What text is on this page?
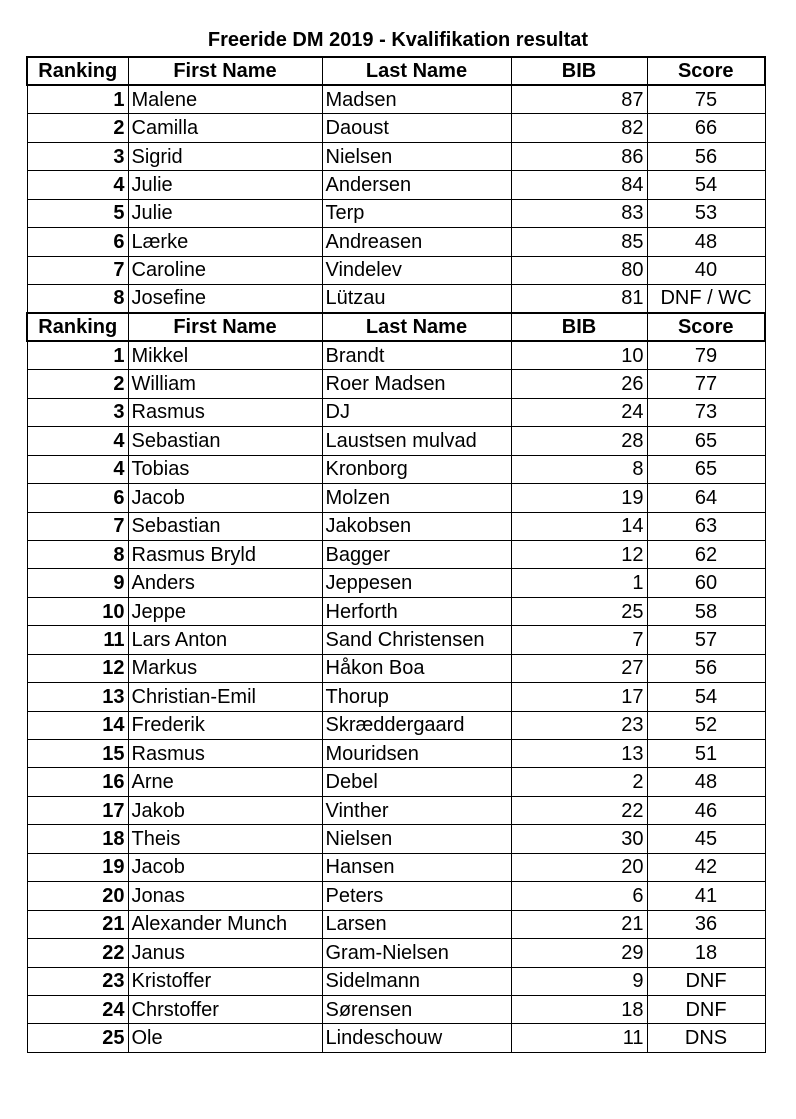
Freeride DM 2019 - Kvalifikation resultat
Ranking	First Name	Last Name	BIB	Score
1	Malene	Madsen	87	75
2	Camilla	Daoust	82	66
3	Sigrid	Nielsen	86	56
4	Julie	Andersen	84	54
5	Julie	Terp	83	53
6	Lærke	Andreasen	85	48
7	Caroline	Vindelev	80	40
8	Josefine	Lützau	81	DNF / WC
Ranking	First Name	Last Name	BIB	Score
1	Mikkel	Brandt	10	79
2	William	Roer Madsen	26	77
3	Rasmus	DJ	24	73
4	Sebastian	Laustsen mulvad	28	65
4	Tobias	Kronborg	8	65
6	Jacob	Molzen	19	64
7	Sebastian	Jakobsen	14	63
8	Rasmus Bryld	Bagger	12	62
9	Anders	Jeppesen	1	60
10	Jeppe	Herforth	25	58
11	Lars Anton	Sand Christensen	7	57
12	Markus	Håkon Boa	27	56
13	Christian-Emil	Thorup	17	54
14	Frederik	Skræddergaard	23	52
15	Rasmus	Mouridsen	13	51
16	Arne	Debel	2	48
17	Jakob	Vinther	22	46
18	Theis	Nielsen	30	45
19	Jacob	Hansen	20	42
20	Jonas	Peters	6	41
21	Alexander Munch	Larsen	21	36
22	Janus	Gram-Nielsen	29	18
23	Kristoffer	Sidelmann	9	DNF
24	Chrstoffer	Sørensen	18	DNF
25	Ole	Lindeschouw	11	DNS
